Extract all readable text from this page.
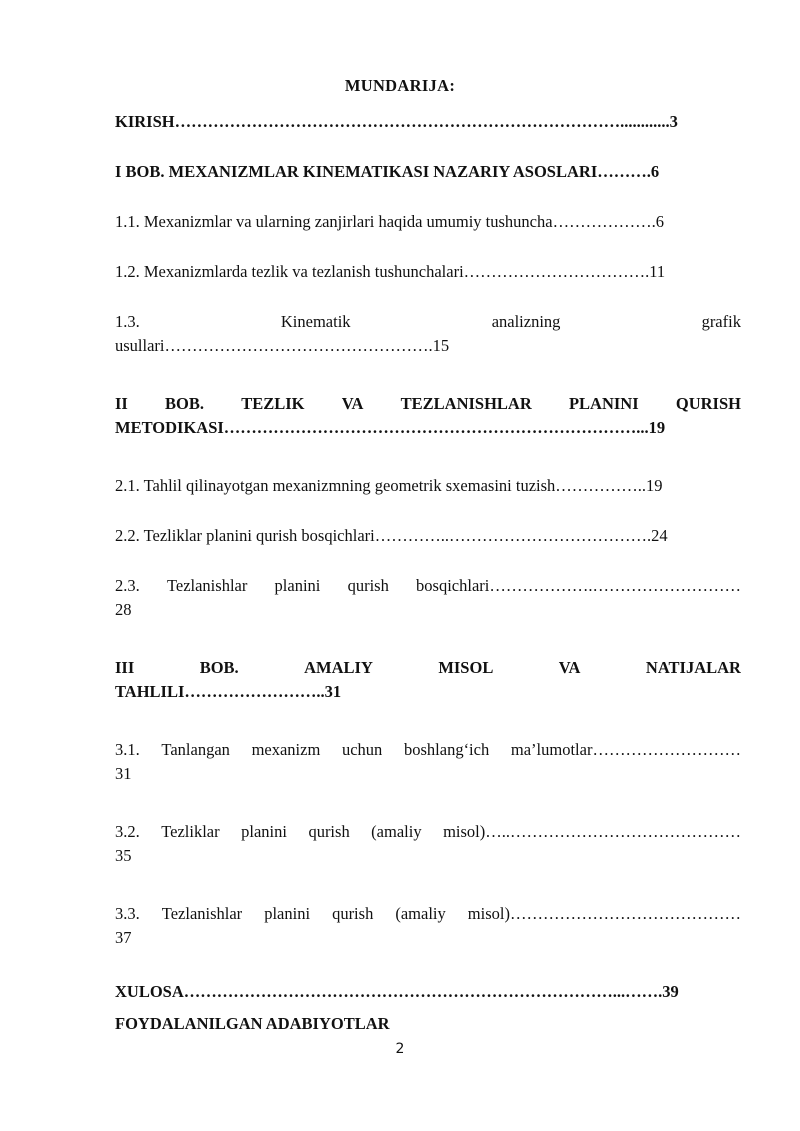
MUNDARIJA:
KIRISH………………………………………………………………………............3
I BOB. MEXANIZMLAR KINEMATIKASI NAZARIY ASOSLARI……….6
1.1. Mexanizmlar va ularning zanjirlari haqida umumiy tushuncha……………….6
1.2. Mexanizmlarda tezlik va tezlanish tushunchalari…………………………….11
1.3.	Kinematik	analizning	grafik
usullari………………………………………….15
II BOB. TEZLIK VA TEZLANISHLAR PLANINI QURISH
METODIKASI…………………………………………………………………...19
2.1. Tahlil qilinayotgan mexanizmning geometrik sxemasini tuzish……………..19
2.2. Tezliklar planini qurish bosqichlari…………..……………………………….24
2.3. Tezlanishlar planini qurish bosqichlari……………….………………………
28
III	BOB.	AMALIY	MISOL	VA	NATIJALAR
TAHLILI……………………..31
3.1. Tanlangan mexanizm uchun boshlang‘ich ma’lumotlar………………………
31
3.2. Tezliklar planini qurish (amaliy misol)…..……………………………………
35
3.3. Tezlanishlar planini qurish (amaliy misol)……………………………………
37
XULOSA……………………………………………………………………...…….39
FOYDALANILGAN ADABIYOTLAR
2
